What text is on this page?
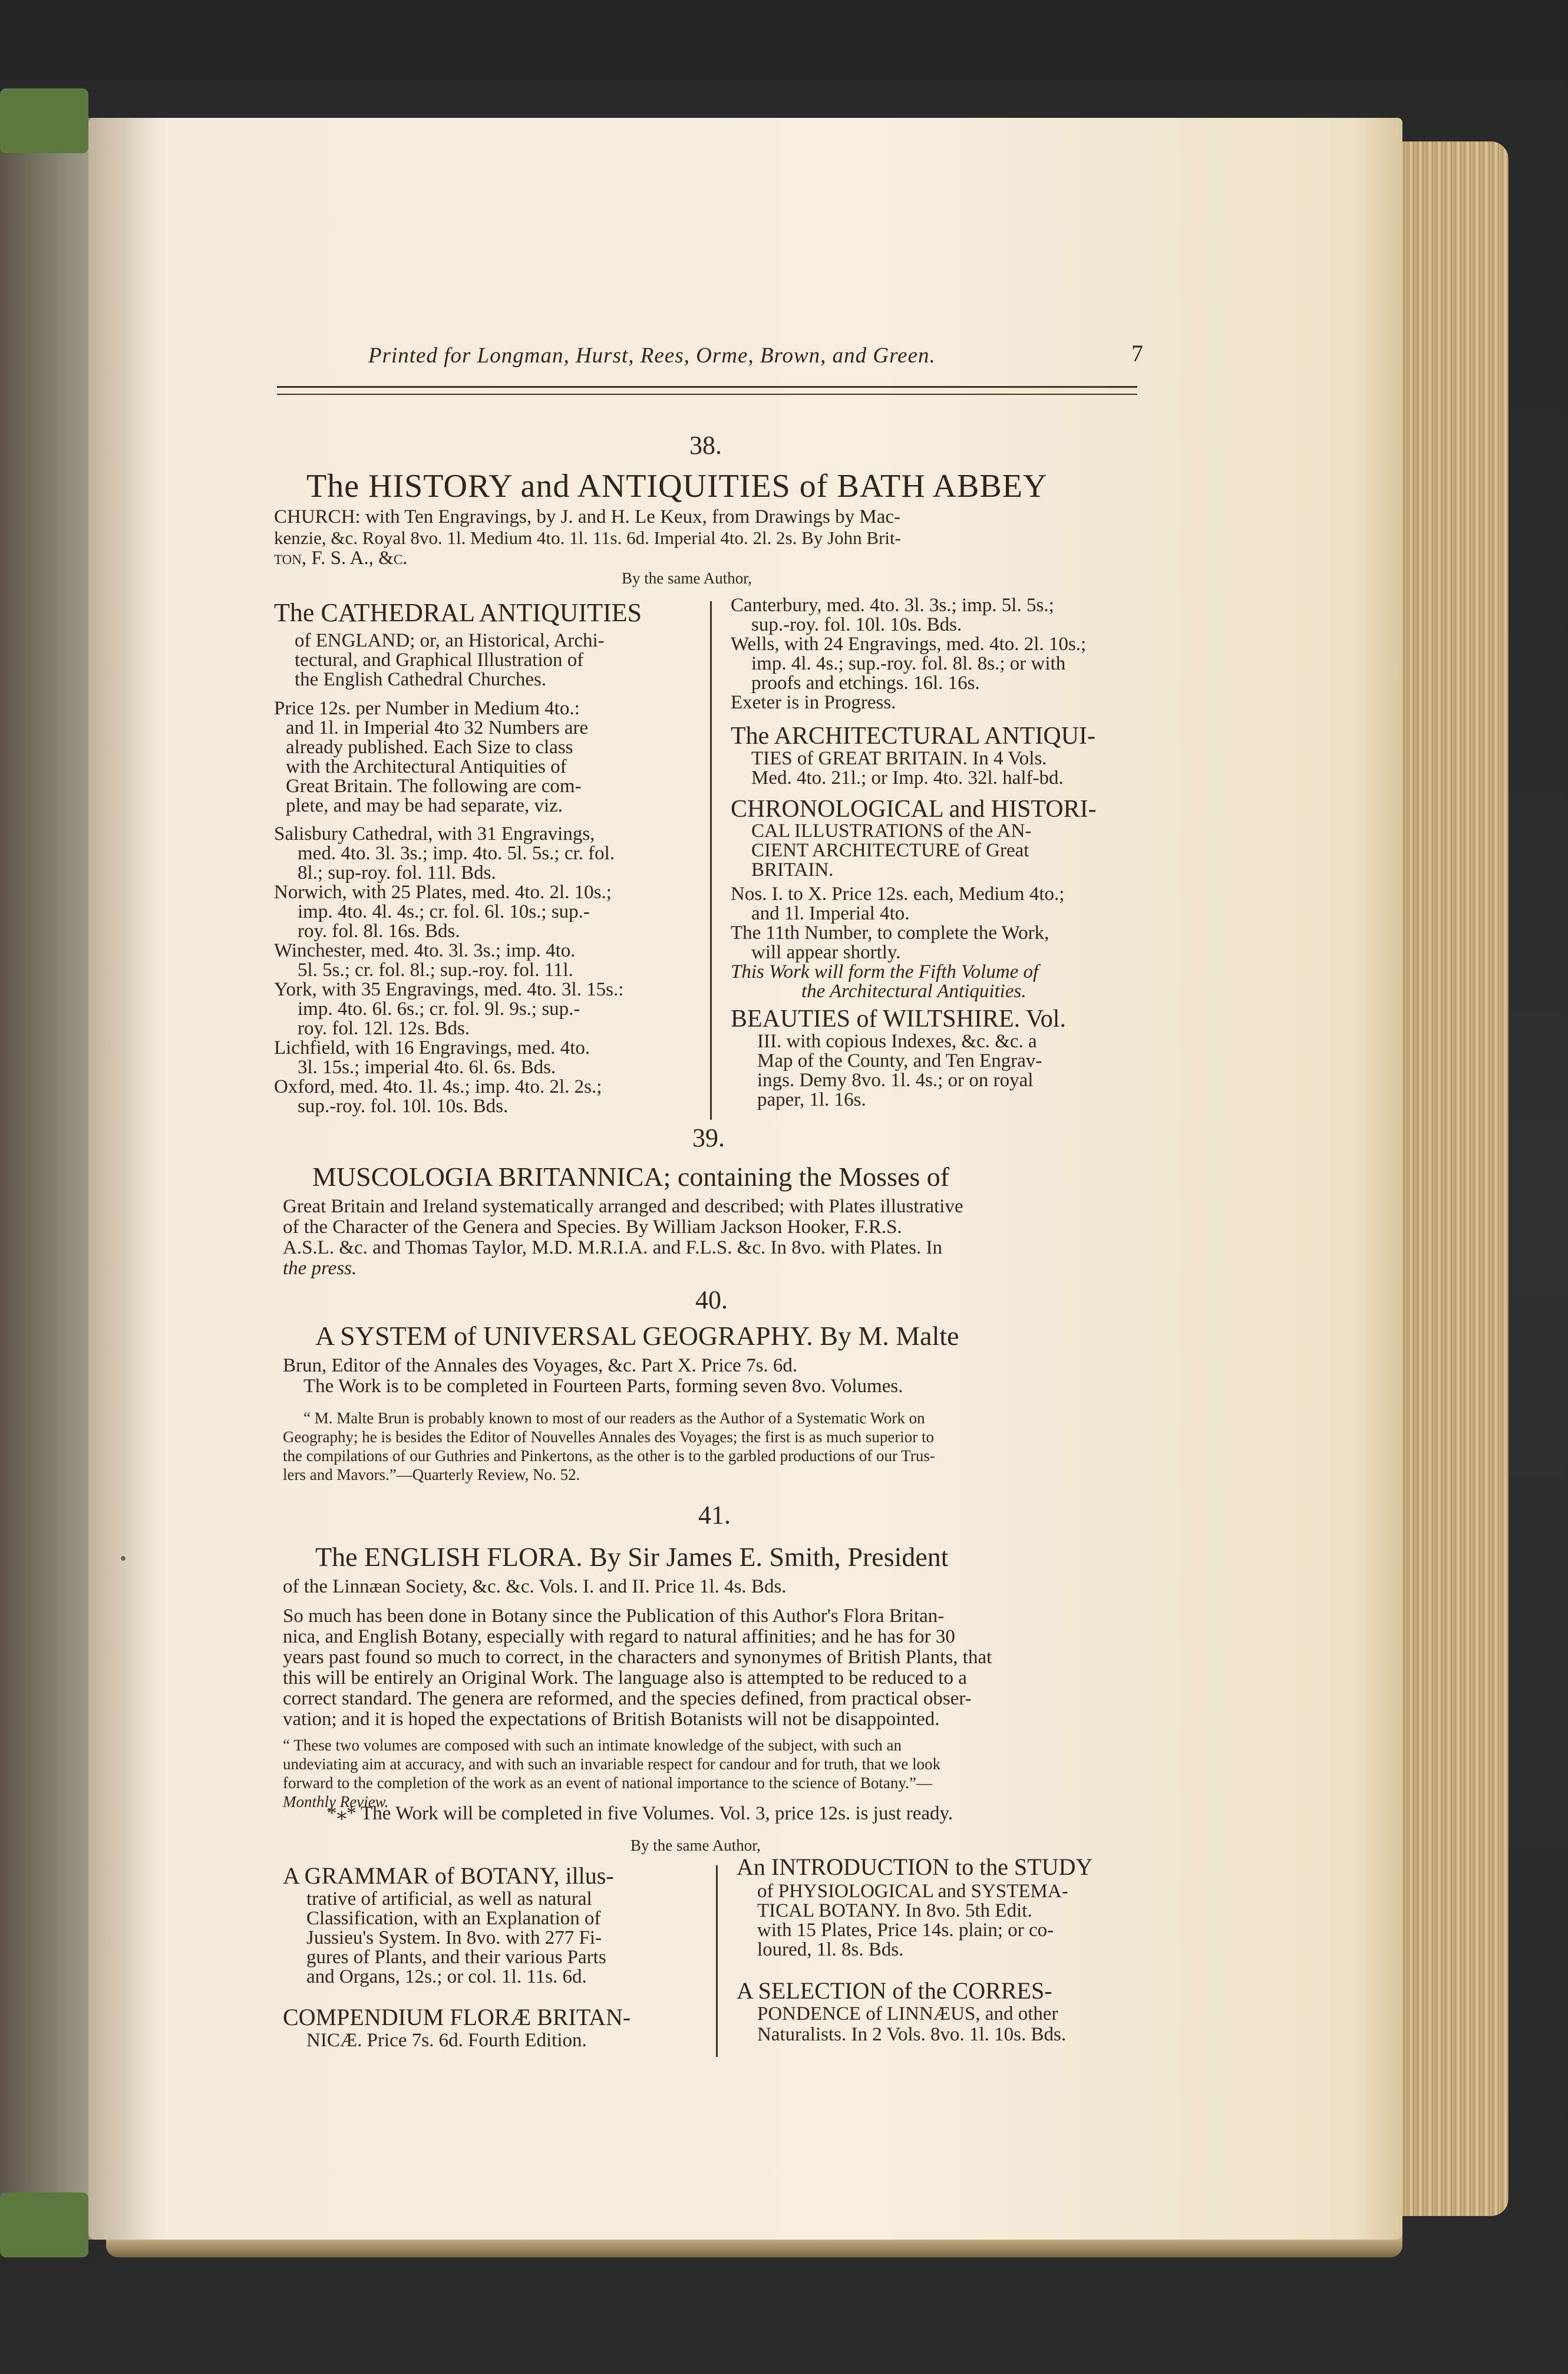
Printed for Longman, Hurst, Rees, Orme, Brown, and Green.	7
38.
The HISTORY and ANTIQUITIES of BATH ABBEY
CHURCH: with Ten Engravings, by J. and H. Le Keux, from Drawings by Mac-
kenzie, &c. Royal 8vo. 1l. Medium 4to. 1l. 11s. 6d. Imperial 4to. 2l. 2s. By John Brit-
ton, F. S. A., &c.
By the same Author,
The CATHEDRAL ANTIQUITIES
of ENGLAND; or, an Historical, Archi-
tectural, and Graphical Illustration of
the English Cathedral Churches.
Price 12s. per Number in Medium 4to.:
and 1l. in Imperial 4to 32 Numbers are
already published. Each Size to class
with the Architectural Antiquities of
Great Britain. The following are com-
plete, and may be had separate, viz.
Salisbury Cathedral, with 31 Engravings,
med. 4to. 3l. 3s.; imp. 4to. 5l. 5s.; cr. fol.
8l.; sup-roy. fol. 11l. Bds.
Norwich, with 25 Plates, med. 4to. 2l. 10s.;
imp. 4to. 4l. 4s.; cr. fol. 6l. 10s.; sup.-
roy. fol. 8l. 16s. Bds.
Winchester, med. 4to. 3l. 3s.; imp. 4to.
5l. 5s.; cr. fol. 8l.; sup.-roy. fol. 11l.
York, with 35 Engravings, med. 4to. 3l. 15s.:
imp. 4to. 6l. 6s.; cr. fol. 9l. 9s.; sup.-
roy. fol. 12l. 12s. Bds.
Lichfield, with 16 Engravings, med. 4to.
3l. 15s.; imperial 4to. 6l. 6s. Bds.
Oxford, med. 4to. 1l. 4s.; imp. 4to. 2l. 2s.;
sup.-roy. fol. 10l. 10s. Bds.
Canterbury, med. 4to. 3l. 3s.; imp. 5l. 5s.;
sup.-roy. fol. 10l. 10s. Bds.
Wells, with 24 Engravings, med. 4to. 2l. 10s.;
imp. 4l. 4s.; sup.-roy. fol. 8l. 8s.; or with
proofs and etchings. 16l. 16s.
Exeter is in Progress.
The ARCHITECTURAL ANTIQUI-
TIES of GREAT BRITAIN. In 4 Vols.
Med. 4to. 21l.; or Imp. 4to. 32l. half-bd.
CHRONOLOGICAL and HISTORI-
CAL ILLUSTRATIONS of the AN-
CIENT ARCHITECTURE of Great
BRITAIN.
Nos. I. to X. Price 12s. each, Medium 4to.;
and 1l. Imperial 4to.
The 11th Number, to complete the Work,
will appear shortly.
This Work will form the Fifth Volume of
the Architectural Antiquities.
BEAUTIES of WILTSHIRE. Vol.
III. with copious Indexes, &c. &c. a
Map of the County, and Ten Engrav-
ings. Demy 8vo. 1l. 4s.; or on royal
paper, 1l. 16s.
39.
MUSCOLOGIA BRITANNICA; containing the Mosses of
Great Britain and Ireland systematically arranged and described; with Plates illustrative
of the Character of the Genera and Species. By William Jackson Hooker, F.R.S.
A.S.L. &c. and Thomas Taylor, M.D. M.R.I.A. and F.L.S. &c. In 8vo. with Plates. In
the press.
40.
A SYSTEM of UNIVERSAL GEOGRAPHY. By M. Malte
Brun, Editor of the Annales des Voyages, &c. Part X. Price 7s. 6d.
The Work is to be completed in Fourteen Parts, forming seven 8vo. Volumes.
“ M. Malte Brun is probably known to most of our readers as the Author of a Systematic Work on
Geography; he is besides the Editor of Nouvelles Annales des Voyages; the first is as much superior to
the compilations of our Guthries and Pinkertons, as the other is to the garbled productions of our Trus-
lers and Mavors.”—Quarterly Review, No. 52.
41.
The ENGLISH FLORA. By Sir James E. Smith, President
of the Linnæan Society, &c. &c. Vols. I. and II. Price 1l. 4s. Bds.
So much has been done in Botany since the Publication of this Author's Flora Britan-
nica, and English Botany, especially with regard to natural affinities; and he has for 30
years past found so much to correct, in the characters and synonymes of British Plants, that
this will be entirely an Original Work. The language also is attempted to be reduced to a
correct standard. The genera are reformed, and the species defined, from practical obser-
vation; and it is hoped the expectations of British Botanists will not be disappointed.
“ These two volumes are composed with such an intimate knowledge of the subject, with such an
undeviating aim at accuracy, and with such an invariable respect for candour and for truth, that we look
forward to the completion of the work as an event of national importance to the science of Botany.”—
Monthly Review.
*⁎* The Work will be completed in five Volumes. Vol. 3, price 12s. is just ready.
By the same Author,
A GRAMMAR of BOTANY, illus-
trative of artificial, as well as natural
Classification, with an Explanation of
Jussieu's System. In 8vo. with 277 Fi-
gures of Plants, and their various Parts
and Organs, 12s.; or col. 1l. 11s. 6d.
COMPENDIUM FLORÆ BRITAN-
NICÆ. Price 7s. 6d. Fourth Edition.
An INTRODUCTION to the STUDY
of PHYSIOLOGICAL and SYSTEMA-
TICAL BOTANY. In 8vo. 5th Edit.
with 15 Plates, Price 14s. plain; or co-
loured, 1l. 8s. Bds.
A SELECTION of the CORRES-
PONDENCE of LINNÆUS, and other
Naturalists. In 2 Vols. 8vo. 1l. 10s. Bds.
